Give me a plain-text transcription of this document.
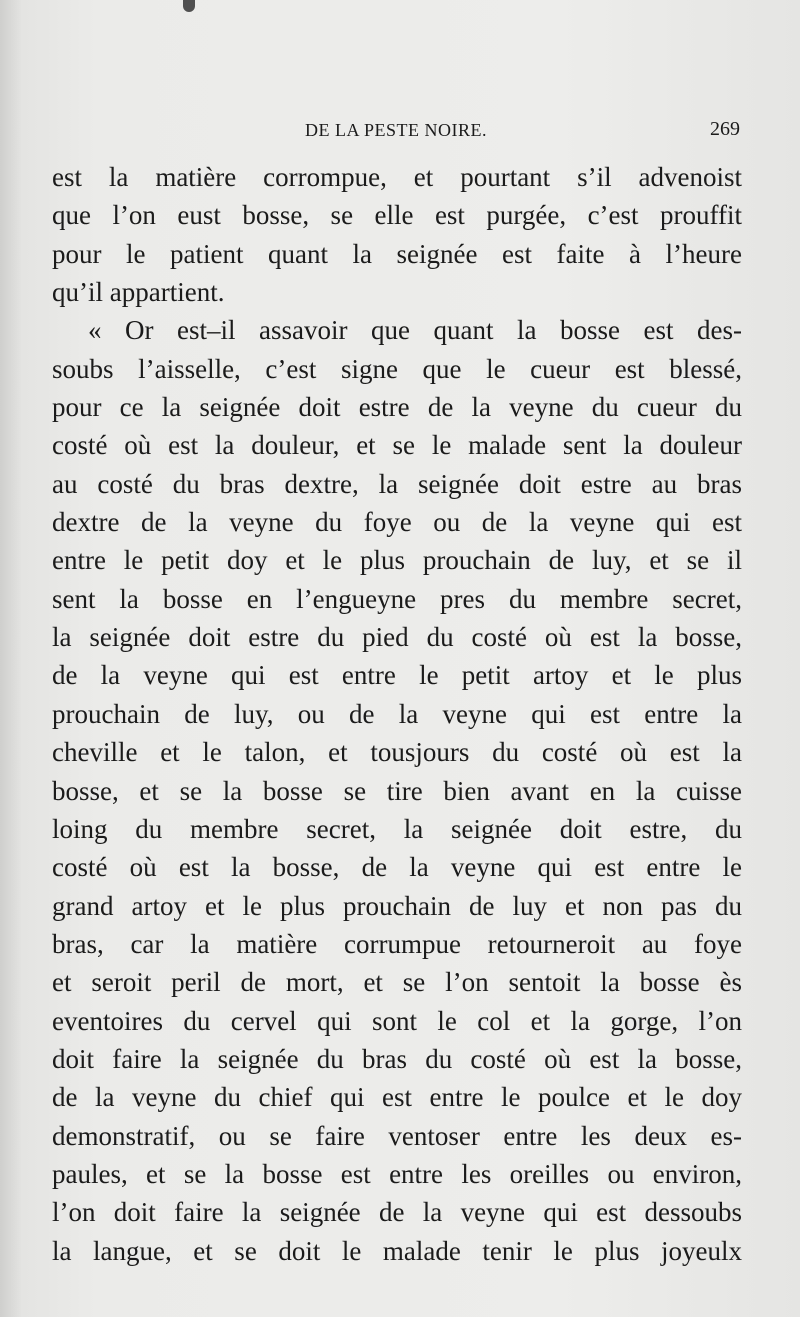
DE LA PESTE NOIRE.	269
est la matière corrompue, et pourtant s’il advenoist
que l’on eust bosse, se elle est purgée, c’est prouffit
pour le patient quant la seignée est faite à l’heure
qu’il appartient.
« Or est–il assavoir que quant la bosse est des-
soubs l’aisselle, c’est signe que le cueur est blessé,
pour ce la seignée doit estre de la veyne du cueur du
costé où est la douleur, et se le malade sent la douleur
au costé du bras dextre, la seignée doit estre au bras
dextre de la veyne du foye ou de la veyne qui est
entre le petit doy et le plus prouchain de luy, et se il
sent la bosse en l’engueyne pres du membre secret,
la seignée doit estre du pied du costé où est la bosse,
de la veyne qui est entre le petit artoy et le plus
prouchain de luy, ou de la veyne qui est entre la
cheville et le talon, et tousjours du costé où est la
bosse, et se la bosse se tire bien avant en la cuisse
loing du membre secret, la seignée doit estre, du
costé où est la bosse, de la veyne qui est entre le
grand artoy et le plus prouchain de luy et non pas du
bras, car la matière corrumpue retourneroit au foye
et seroit peril de mort, et se l’on sentoit la bosse ès
eventoires du cervel qui sont le col et la gorge, l’on
doit faire la seignée du bras du costé où est la bosse,
de la veyne du chief qui est entre le poulce et le doy
demonstratif, ou se faire ventoser entre les deux es-
paules, et se la bosse est entre les oreilles ou environ,
l’on doit faire la seignée de la veyne qui est dessoubs
la langue, et se doit le malade tenir le plus joyeulx
